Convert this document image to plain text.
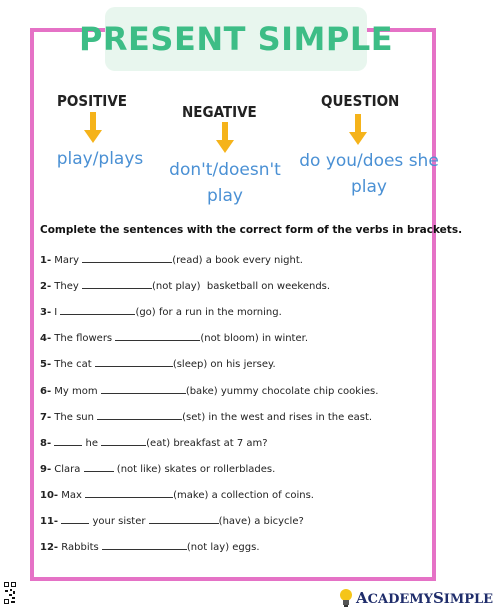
PRESENT SIMPLE
POSITIVE
NEGATIVE
QUESTION
play/plays
don't/doesn't
play
do you/does she
play
Complete the sentences with the correct form of the verbs in brackets.
1- Mary	(read) a book every night.
2- They	(not play)  basketball on weekends.
3- I	(go) for a run in the morning.
4- The flowers	(not bloom) in winter.
5- The cat	(sleep) on his jersey.
6- My mom	(bake) yummy chocolate chip cookies.
7- The sun	(set) in the west and rises in the east.
8-	he	(eat) breakfast at 7 am?
9- Clara	(not like) skates or rollerblades.
10- Max	(make) a collection of coins.
11-	your sister	(have) a bicycle?
12- Rabbits	(not lay) eggs.
ACADEMYSIMPLE
